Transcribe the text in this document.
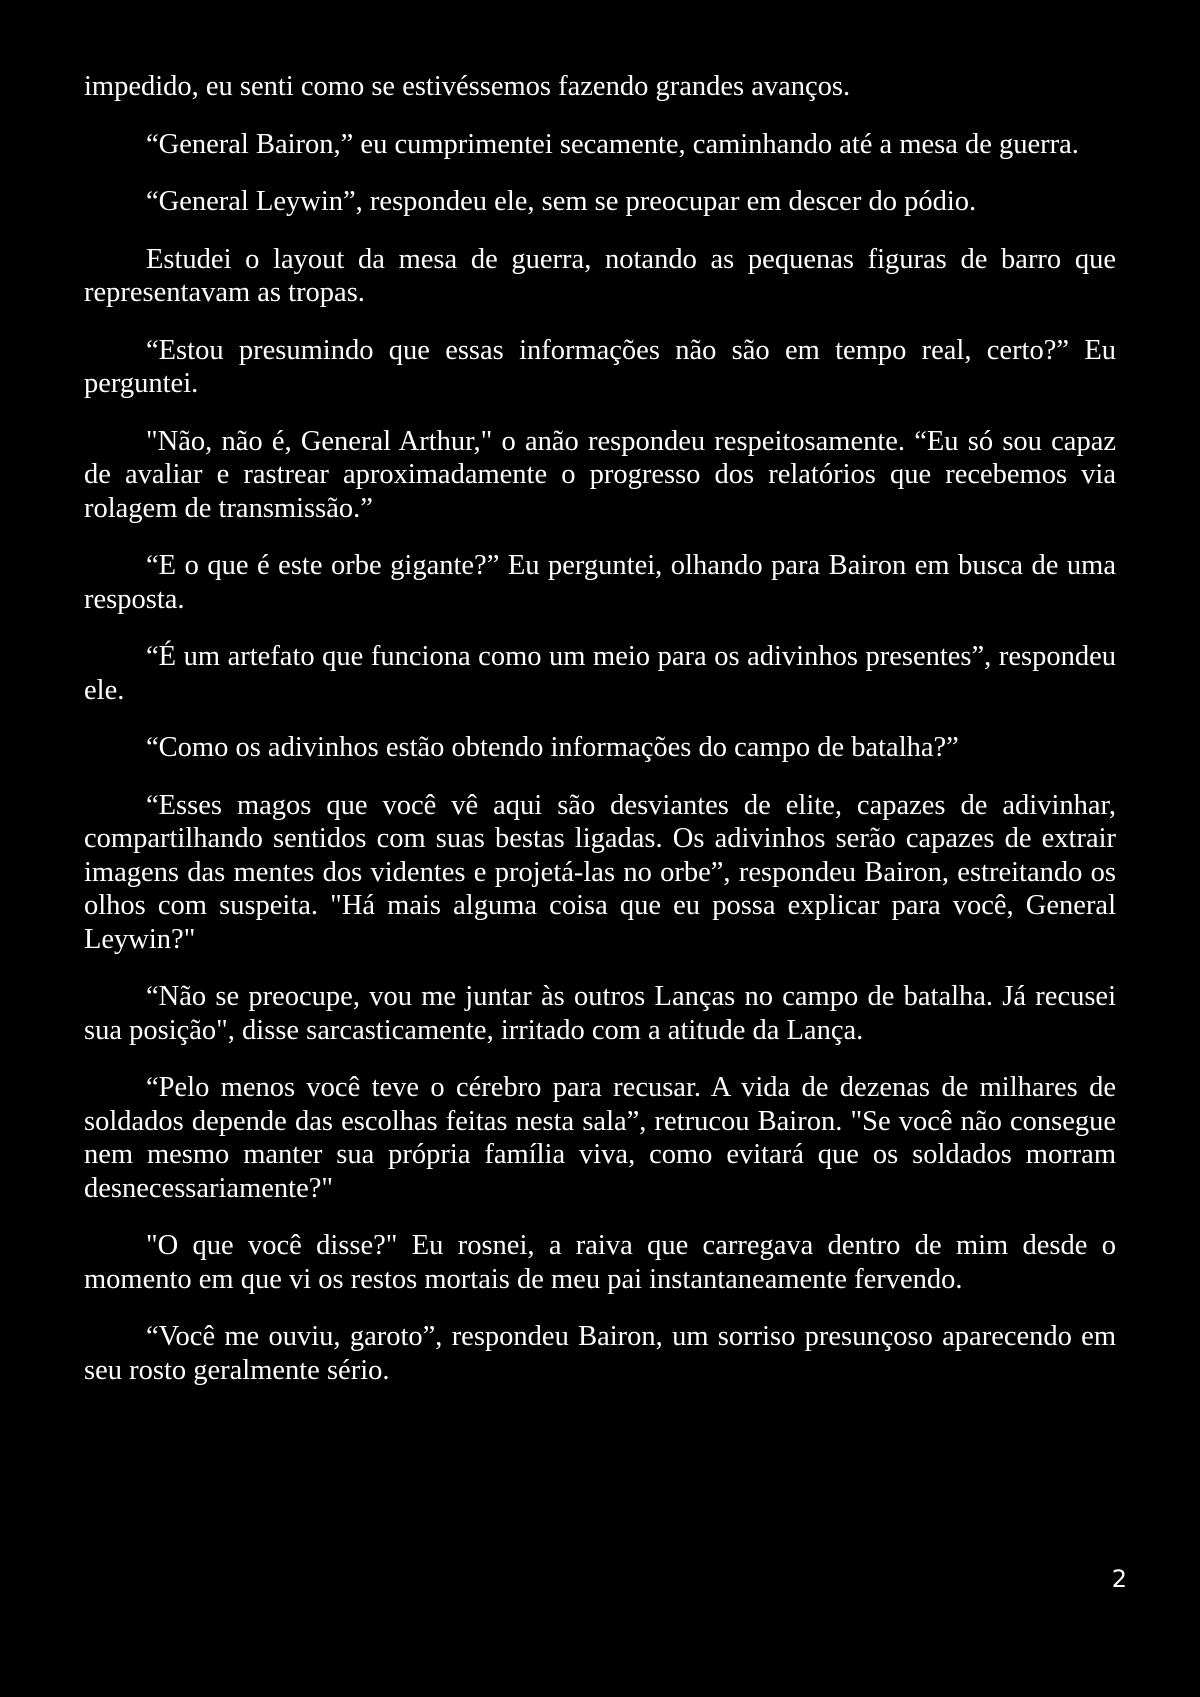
impedido, eu senti como se estivéssemos fazendo grandes avanços.

“General Bairon,” eu cumprimentei secamente, caminhando até a mesa de guerra.

“General Leywin”, respondeu ele, sem se preocupar em descer do pódio.

Estudei o layout da mesa de guerra, notando as pequenas figuras de barro que representavam as tropas.

“Estou presumindo que essas informações não são em tempo real, certo?” Eu perguntei.

"Não, não é, General Arthur," o anão respondeu respeitosamente. “Eu só sou capaz de avaliar e rastrear aproximadamente o progresso dos relatórios que recebemos via rolagem de transmissão.”

“E o que é este orbe gigante?” Eu perguntei, olhando para Bairon em busca de uma resposta.

“É um artefato que funciona como um meio para os adivinhos presentes”, respondeu ele.

“Como os adivinhos estão obtendo informações do campo de batalha?”

“Esses magos que você vê aqui são desviantes de elite, capazes de adivinhar, compartilhando sentidos com suas bestas ligadas. Os adivinhos serão capazes de extrair imagens das mentes dos videntes e projetá-las no orbe”, respondeu Bairon, estreitando os olhos com suspeita. "Há mais alguma coisa que eu possa explicar para você, General Leywin?"

“Não se preocupe, vou me juntar às outros Lanças no campo de batalha. Já recusei sua posição", disse sarcasticamente, irritado com a atitude da Lança.

“Pelo menos você teve o cérebro para recusar. A vida de dezenas de milhares de soldados depende das escolhas feitas nesta sala”, retrucou Bairon. "Se você não consegue nem mesmo manter sua própria família viva, como evitará que os soldados morram desnecessariamente?"

"O que você disse?" Eu rosnei, a raiva que carregava dentro de mim desde o momento em que vi os restos mortais de meu pai instantaneamente fervendo.

“Você me ouviu, garoto”, respondeu Bairon, um sorriso presunçoso aparecendo em seu rosto geralmente sério.

2
